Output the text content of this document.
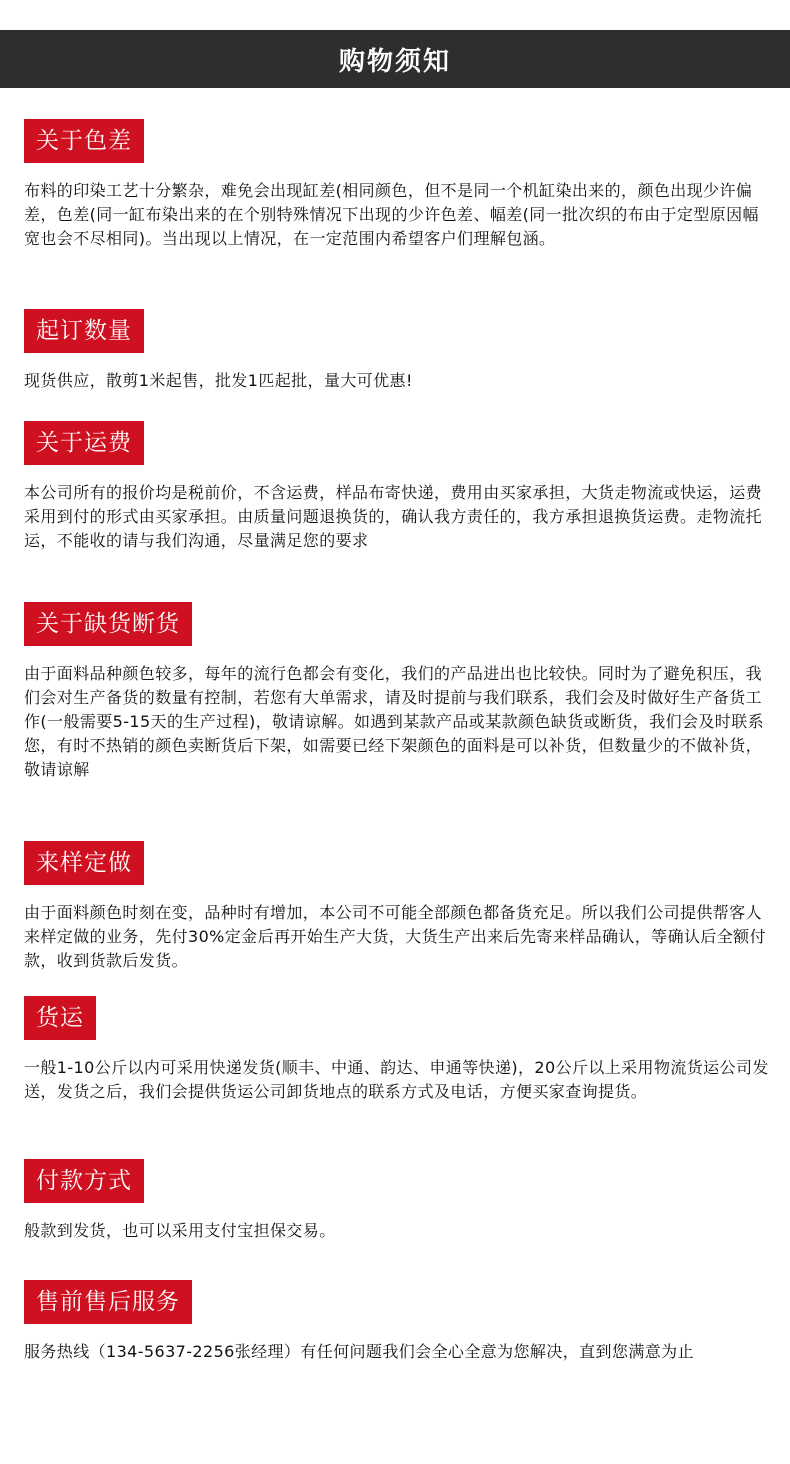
购物须知
关于色差
布料的印染工艺十分繁杂，难免会出现缸差(相同颜色，但不是同一个机缸染出来的，颜色出现少许偏差，色差(同一缸布染出来的在个别特殊情况下出现的少许色差、幅差(同一批次织的布由于定型原因幅宽也会不尽相同)。当出现以上情况，在一定范围内希望客户们理解包涵。
起订数量
现货供应，散剪1米起售，批发1匹起批，量大可优惠!
关于运费
本公司所有的报价均是税前价，不含运费，样品布寄快递，费用由买家承担，大货走物流或快运，运费采用到付的形式由买家承担。由质量问题退换货的，确认我方责任的，我方承担退换货运费。走物流托运，不能收的请与我们沟通，尽量满足您的要求
关于缺货断货
由于面料品种颜色较多，每年的流行色都会有变化，我们的产品进出也比较快。同时为了避免积压，我们会对生产备货的数量有控制，若您有大单需求，请及时提前与我们联系，我们会及时做好生产备货工作(一般需要5-15天的生产过程)，敬请谅解。如遇到某款产品或某款颜色缺货或断货，我们会及时联系您，有时不热销的颜色卖断货后下架，如需要已经下架颜色的面料是可以补货，但数量少的不做补货，敬请谅解
来样定做
由于面料颜色时刻在变，品种时有增加，本公司不可能全部颜色都备货充足。所以我们公司提供帮客人来样定做的业务，先付30%定金后再开始生产大货，大货生产出来后先寄来样品确认，等确认后全额付款，收到货款后发货。
货运
一般1-10公斤以内可采用快递发货(顺丰、中通、韵达、申通等快递)，20公斤以上采用物流货运公司发送，发货之后，我们会提供货运公司卸货地点的联系方式及电话，方便买家查询提货。
付款方式
般款到发货，也可以采用支付宝担保交易。
售前售后服务
服务热线（134-5637-2256张经理）有任何问题我们会全心全意为您解决，直到您满意为止
